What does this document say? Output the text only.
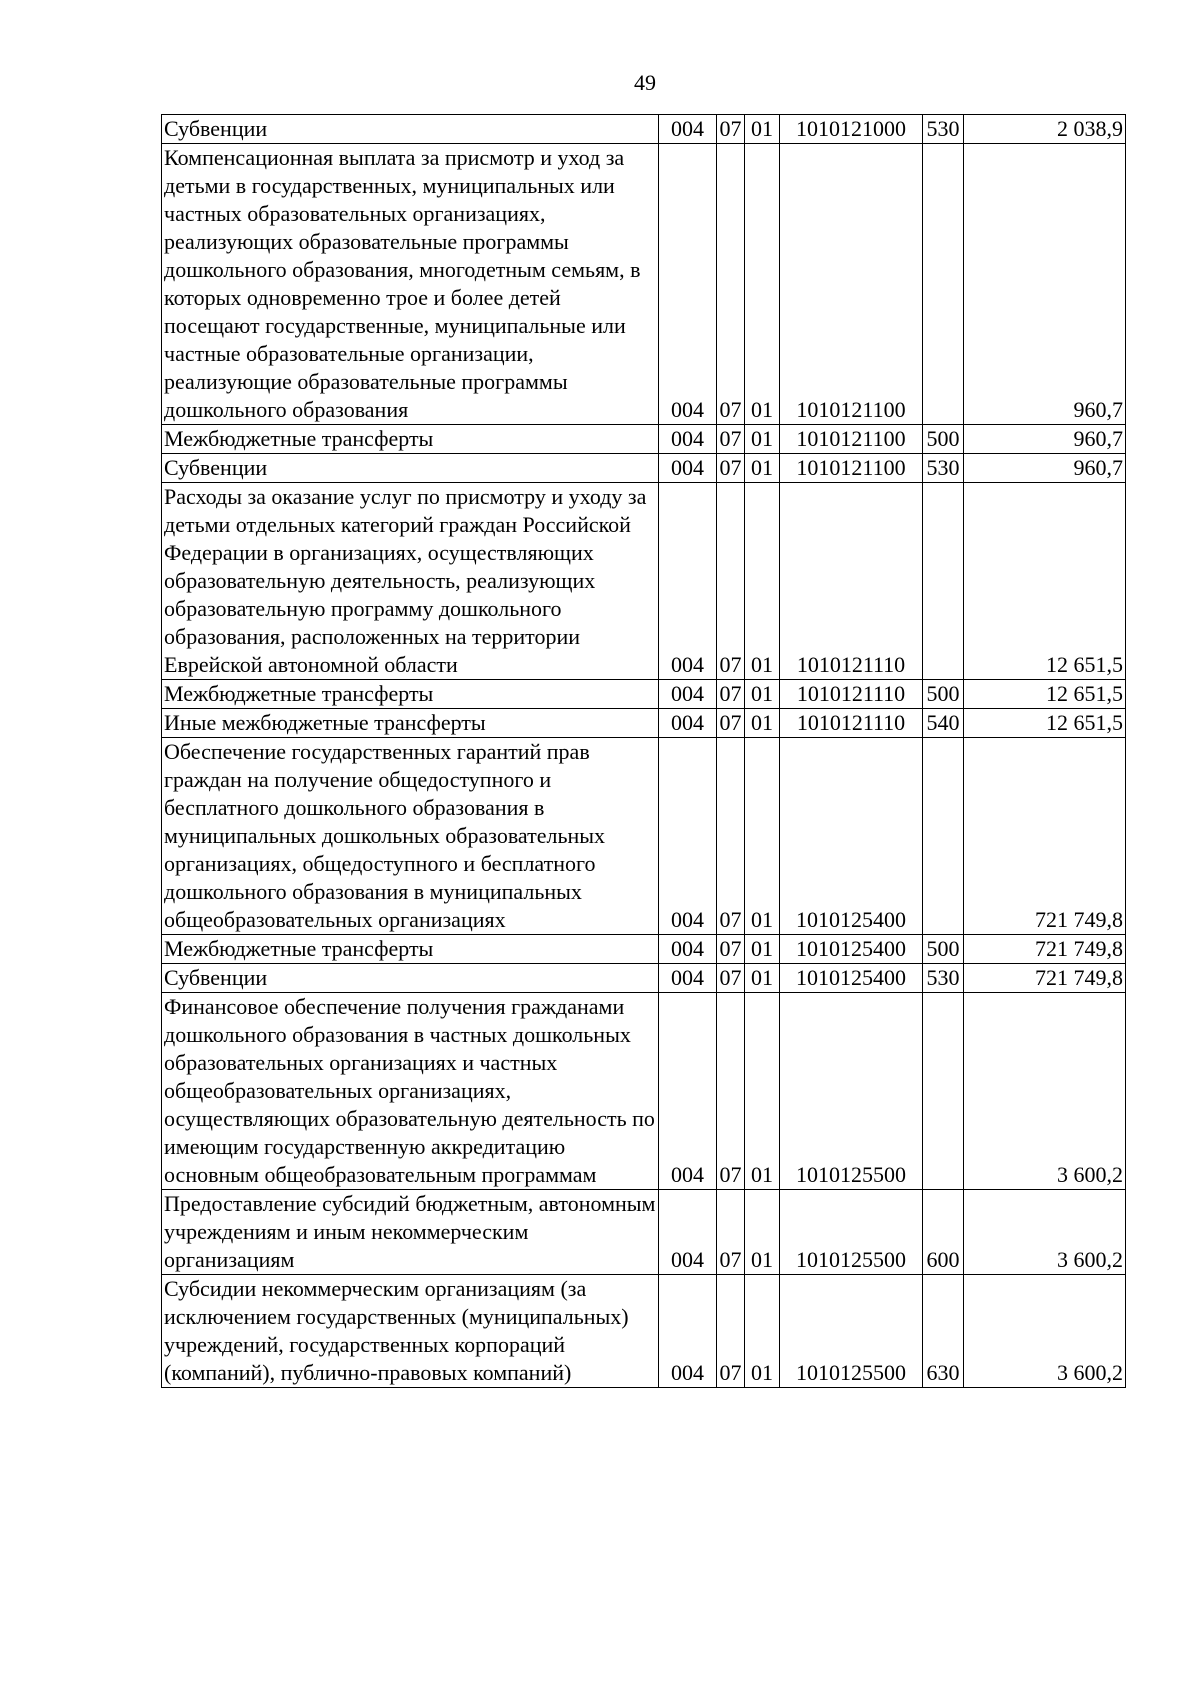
49
Субвенции	004	07	01	1010121000	530	2 038,9
Компенсационная выплата за присмотр и уход за детьми в государственных, муниципальных или частных образовательных организациях, реализующих образовательные программы дошкольного образования, многодетным семьям, в которых одновременно трое и более детей посещают государственные, муниципальные или частные образовательные организации, реализующие образовательные программы дошкольного образования	004	07	01	1010121100		960,7
Межбюджетные трансферты	004	07	01	1010121100	500	960,7
Субвенции	004	07	01	1010121100	530	960,7
Расходы за оказание услуг по присмотру и уходу за детьми отдельных категорий граждан Российской Федерации в организациях, осуществляющих образовательную деятельность, реализующих образовательную программу дошкольного образования, расположенных на территории Еврейской автономной области	004	07	01	1010121110		12 651,5
Межбюджетные трансферты	004	07	01	1010121110	500	12 651,5
Иные межбюджетные трансферты	004	07	01	1010121110	540	12 651,5
Обеспечение государственных гарантий прав граждан на получение общедоступного и бесплатного дошкольного образования в муниципальных дошкольных образовательных организациях, общедоступного и бесплатного дошкольного образования в муниципальных общеобразовательных организациях	004	07	01	1010125400		721 749,8
Межбюджетные трансферты	004	07	01	1010125400	500	721 749,8
Субвенции	004	07	01	1010125400	530	721 749,8
Финансовое обеспечение получения гражданами дошкольного образования в частных дошкольных образовательных организациях и частных общеобразовательных организациях, осуществляющих образовательную деятельность по имеющим государственную аккредитацию основным общеобразовательным программам	004	07	01	1010125500		3 600,2
Предоставление субсидий бюджетным, автономным учреждениям и иным некоммерческим организациям	004	07	01	1010125500	600	3 600,2
Субсидии некоммерческим организациям (за исключением государственных (муниципальных) учреждений, государственных корпораций (компаний), публично-правовых компаний)	004	07	01	1010125500	630	3 600,2
